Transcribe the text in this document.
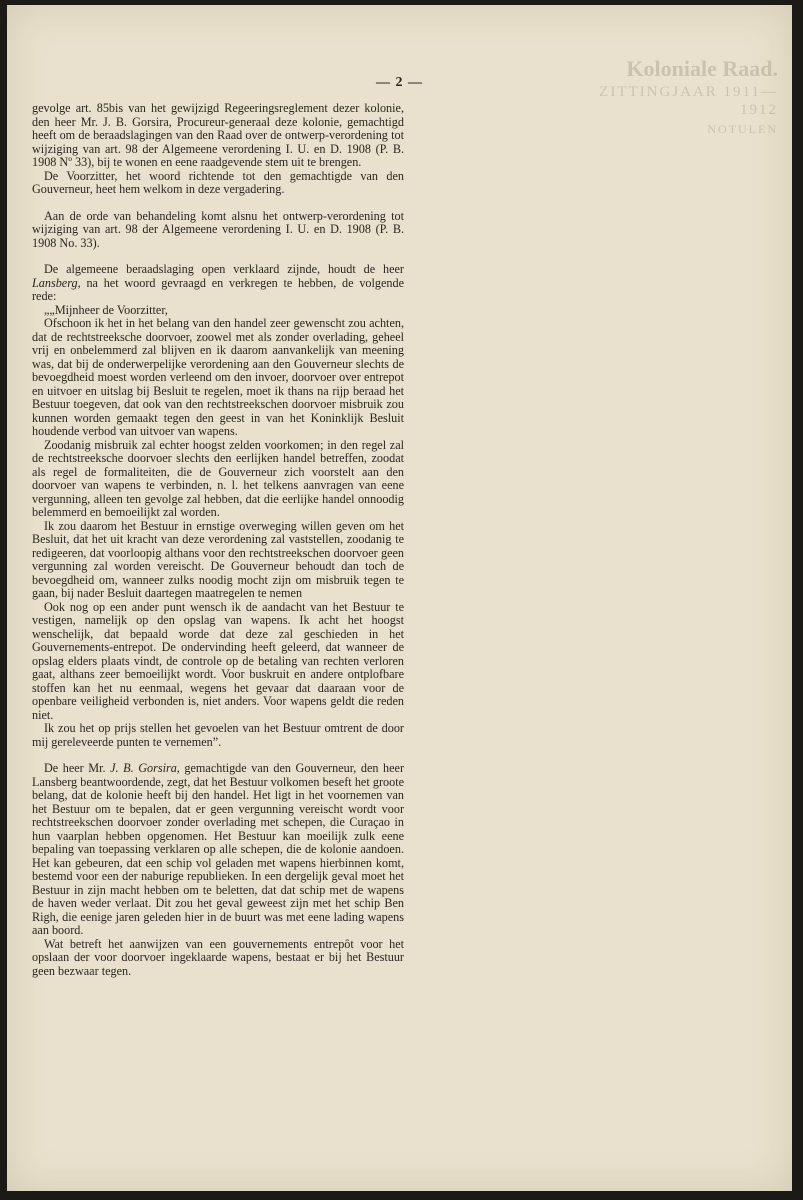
Koloniale Raad.
ZITTINGJAAR 1911—1912
NOTULEN
— 2 —

gevolge art. 85bis van het gewijzigd Regeeringsreglement dezer kolonie, den heer Mr. J. B. Gorsira, Procureur-generaal deze kolonie, gemachtigd heeft om de beraadslagingen van den Raad over de ontwerp-verordening tot wijziging van art. 98 der Algemeene verordening I. U. en D. 1908 (P. B. 1908 Nº 33), bij te wonen en eene raadgevende stem uit te brengen.

De Voorzitter, het woord richtende tot den gemachtigde van den Gouverneur, heet hem welkom in deze vergadering.

Aan de orde van behandeling komt alsnu het ontwerp-verordening tot wijziging van art. 98 der Algemeene verordening I. U. en D. 1908 (P. B. 1908 No. 33).

De algemeene beraadslaging open verklaard zijnde, houdt de heer Lansberg, na het woord gevraagd en verkregen te hebben, de volgende rede:

„„Mijnheer de Voorzitter,

Ofschoon ik het in het belang van den handel zeer gewenscht zou achten, dat de rechtstreeksche doorvoer, zoowel met als zonder overlading, geheel vrij en onbelemmerd zal blijven en ik daarom aanvankelijk van meening was, dat bij de onderwerpelijke verordening aan den Gouverneur slechts de bevoegdheid moest worden verleend om den invoer, doorvoer over entrepot en uitvoer en uitslag bij Besluit te regelen, moet ik thans na rijp beraad het Bestuur toegeven, dat ook van den rechtstreekschen doorvoer misbruik zou kunnen worden gemaakt tegen den geest in van het Koninklijk Besluit houdende verbod van uitvoer van wapens.

Zoodanig misbruik zal echter hoogst zelden voorkomen; in den regel zal de rechtstreeksche doorvoer slechts den eerlijken handel betreffen, zoodat als regel de formaliteiten, die de Gouverneur zich voorstelt aan den doorvoer van wapens te verbinden, n. l. het telkens aanvragen van eene vergunning, alleen ten gevolge zal hebben, dat die eerlijke handel onnoodig belemmerd en bemoeilijkt zal worden.

Ik zou daarom het Bestuur in ernstige overweging willen geven om het Besluit, dat het uit kracht van deze verordening zal vaststellen, zoodanig te redigeeren, dat voorloopig althans voor den rechtstreekschen doorvoer geen vergunning zal worden vereischt. De Gouverneur behoudt dan toch de bevoegdheid om, wanneer zulks noodig mocht zijn om misbruik tegen te gaan, bij nader Besluit daartegen maatregelen te nemen

Ook nog op een ander punt wensch ik de aandacht van het Bestuur te vestigen, namelijk op den opslag van wapens. Ik acht het hoogst wenschelijk, dat bepaald worde dat deze zal geschieden in het Gouvernements-entrepot. De ondervinding heeft geleerd, dat wanneer de opslag elders plaats vindt, de controle op de betaling van rechten verloren gaat, althans zeer bemoeilijkt wordt. Voor buskruit en andere ontplofbare stoffen kan het nu eenmaal, wegens het gevaar dat daaraan voor de openbare veiligheid verbonden is, niet anders. Voor wapens geldt die reden niet.

Ik zou het op prijs stellen het gevoelen van het Bestuur omtrent de door mij gereleveerde punten te vernemen”.

De heer Mr. J. B. Gorsira, gemachtigde van den Gouverneur, den heer Lansberg beantwoordende, zegt, dat het Bestuur volkomen beseft het groote belang, dat de kolonie heeft bij den handel. Het ligt in het voornemen van het Bestuur om te bepalen, dat er geen vergunning vereischt wordt voor rechtstreekschen doorvoer zonder overlading met schepen, die Curaçao in hun vaarplan hebben opgenomen. Het Bestuur kan moeilijk zulk eene bepaling van toepassing verklaren op alle schepen, die de kolonie aandoen. Het kan gebeuren, dat een schip vol geladen met wapens hierbinnen komt, bestemd voor een der naburige republieken. In een dergelijk geval moet het Bestuur in zijn macht hebben om te beletten, dat dat schip met de wapens de haven weder verlaat. Dit zou het geval geweest zijn met het schip Ben Righ, die eenige jaren geleden hier in de buurt was met eene lading wapens aan boord.

Wat betreft het aanwijzen van een gouvernements entrepôt voor het opslaan der voor doorvoer ingeklaarde wapens, bestaat er bij het Bestuur geen bezwaar tegen.
